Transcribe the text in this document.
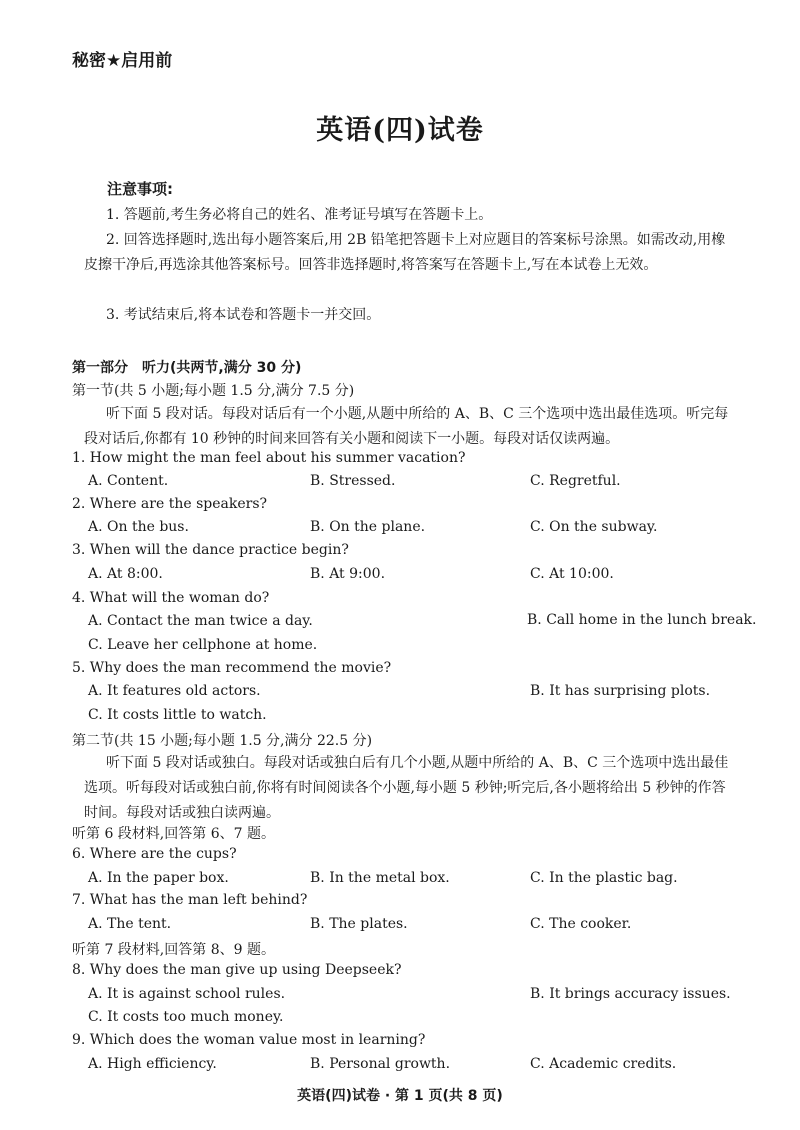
秘密★启用前
英语(四)试卷
注意事项:
1. 答题前,考生务必将自己的姓名、准考证号填写在答题卡上。
2. 回答选择题时,选出每小题答案后,用 2B 铅笔把答题卡上对应题目的答案标号涂黑。如需改动,用橡皮擦干净后,再选涂其他答案标号。回答非选择题时,将答案写在答题卡上,写在本试卷上无效。
3. 考试结束后,将本试卷和答题卡一并交回。
第一部分　听力(共两节,满分 30 分)
第一节(共 5 小题;每小题 1.5 分,满分 7.5 分)
听下面 5 段对话。每段对话后有一个小题,从题中所给的 A、B、C 三个选项中选出最佳选项。听完每段对话后,你都有 10 秒钟的时间来回答有关小题和阅读下一小题。每段对话仅读两遍。
1. How might the man feel about his summer vacation?
A. Content.	B. Stressed.	C. Regretful.
2. Where are the speakers?
A. On the bus.	B. On the plane.	C. On the subway.
3. When will the dance practice begin?
A. At 8:00.	B. At 9:00.	C. At 10:00.
4. What will the woman do?
A. Contact the man twice a day.	B. Call home in the lunch break.
C. Leave her cellphone at home.
5. Why does the man recommend the movie?
A. It features old actors.	B. It has surprising plots.
C. It costs little to watch.
第二节(共 15 小题;每小题 1.5 分,满分 22.5 分)
听下面 5 段对话或独白。每段对话或独白后有几个小题,从题中所给的 A、B、C 三个选项中选出最佳选项。听每段对话或独白前,你将有时间阅读各个小题,每小题 5 秒钟;听完后,各小题将给出 5 秒钟的作答时间。每段对话或独白读两遍。
听第 6 段材料,回答第 6、7 题。
6. Where are the cups?
A. In the paper box.	B. In the metal box.	C. In the plastic bag.
7. What has the man left behind?
A. The tent.	B. The plates.	C. The cooker.
听第 7 段材料,回答第 8、9 题。
8. Why does the man give up using Deepseek?
A. It is against school rules.	B. It brings accuracy issues.
C. It costs too much money.
9. Which does the woman value most in learning?
A. High efficiency.	B. Personal growth.	C. Academic credits.
英语(四)试卷 · 第 1 页(共 8 页)
